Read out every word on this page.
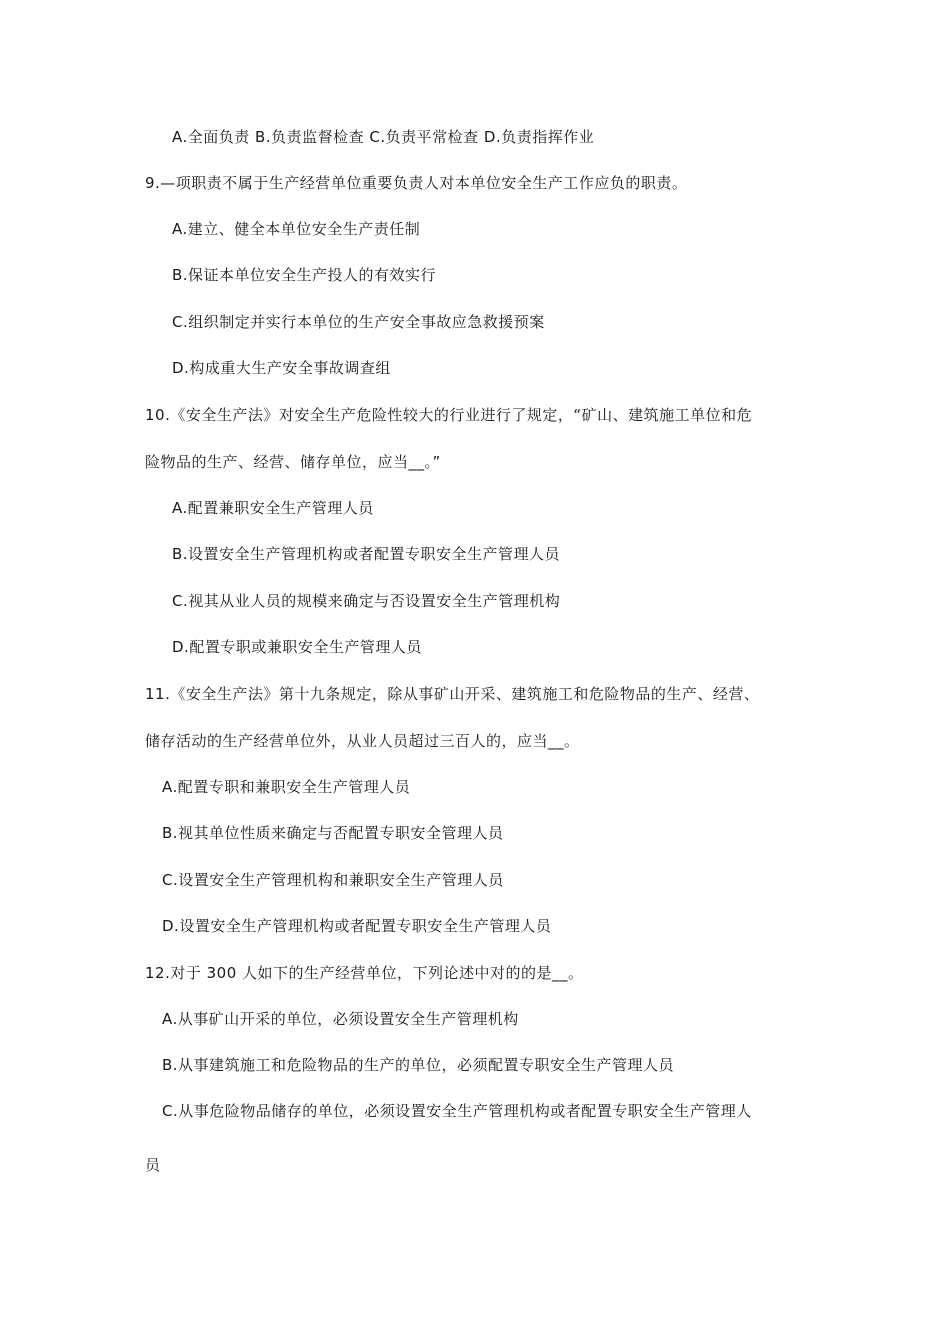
A.全面负责 B.负责监督检查 C.负责平常检查 D.负责指挥作业
9.—项职责不属于生产经营单位重要负责人对本单位安全生产工作应负的职责。
A.建立、健全本单位安全生产责任制
B.保证本单位安全生产投人的有效实行
C.组织制定并实行本单位的生产安全事故应急救援预案
D.构成重大生产安全事故调查组
10.《安全生产法》对安全生产危险性较大的行业进行了规定，“矿山、建筑施工单位和危
险物品的生产、经营、储存单位，应当__。”
A.配置兼职安全生产管理人员
B.设置安全生产管理机构或者配置专职安全生产管理人员
C.视其从业人员的规模来确定与否设置安全生产管理机构
D.配置专职或兼职安全生产管理人员
11.《安全生产法》第十九条规定，除从事矿山开采、建筑施工和危险物品的生产、经营、
储存活动的生产经营单位外，从业人员超过三百人的，应当__。
A.配置专职和兼职安全生产管理人员
B.视其单位性质来确定与否配置专职安全管理人员
C.设置安全生产管理机构和兼职安全生产管理人员
D.设置安全生产管理机构或者配置专职安全生产管理人员
12.对于 300 人如下的生产经营单位，下列论述中对的的是__。
A.从事矿山开采的单位，必须设置安全生产管理机构
B.从事建筑施工和危险物品的生产的单位，必须配置专职安全生产管理人员
C.从事危险物品储存的单位，必须设置安全生产管理机构或者配置专职安全生产管理人
员
